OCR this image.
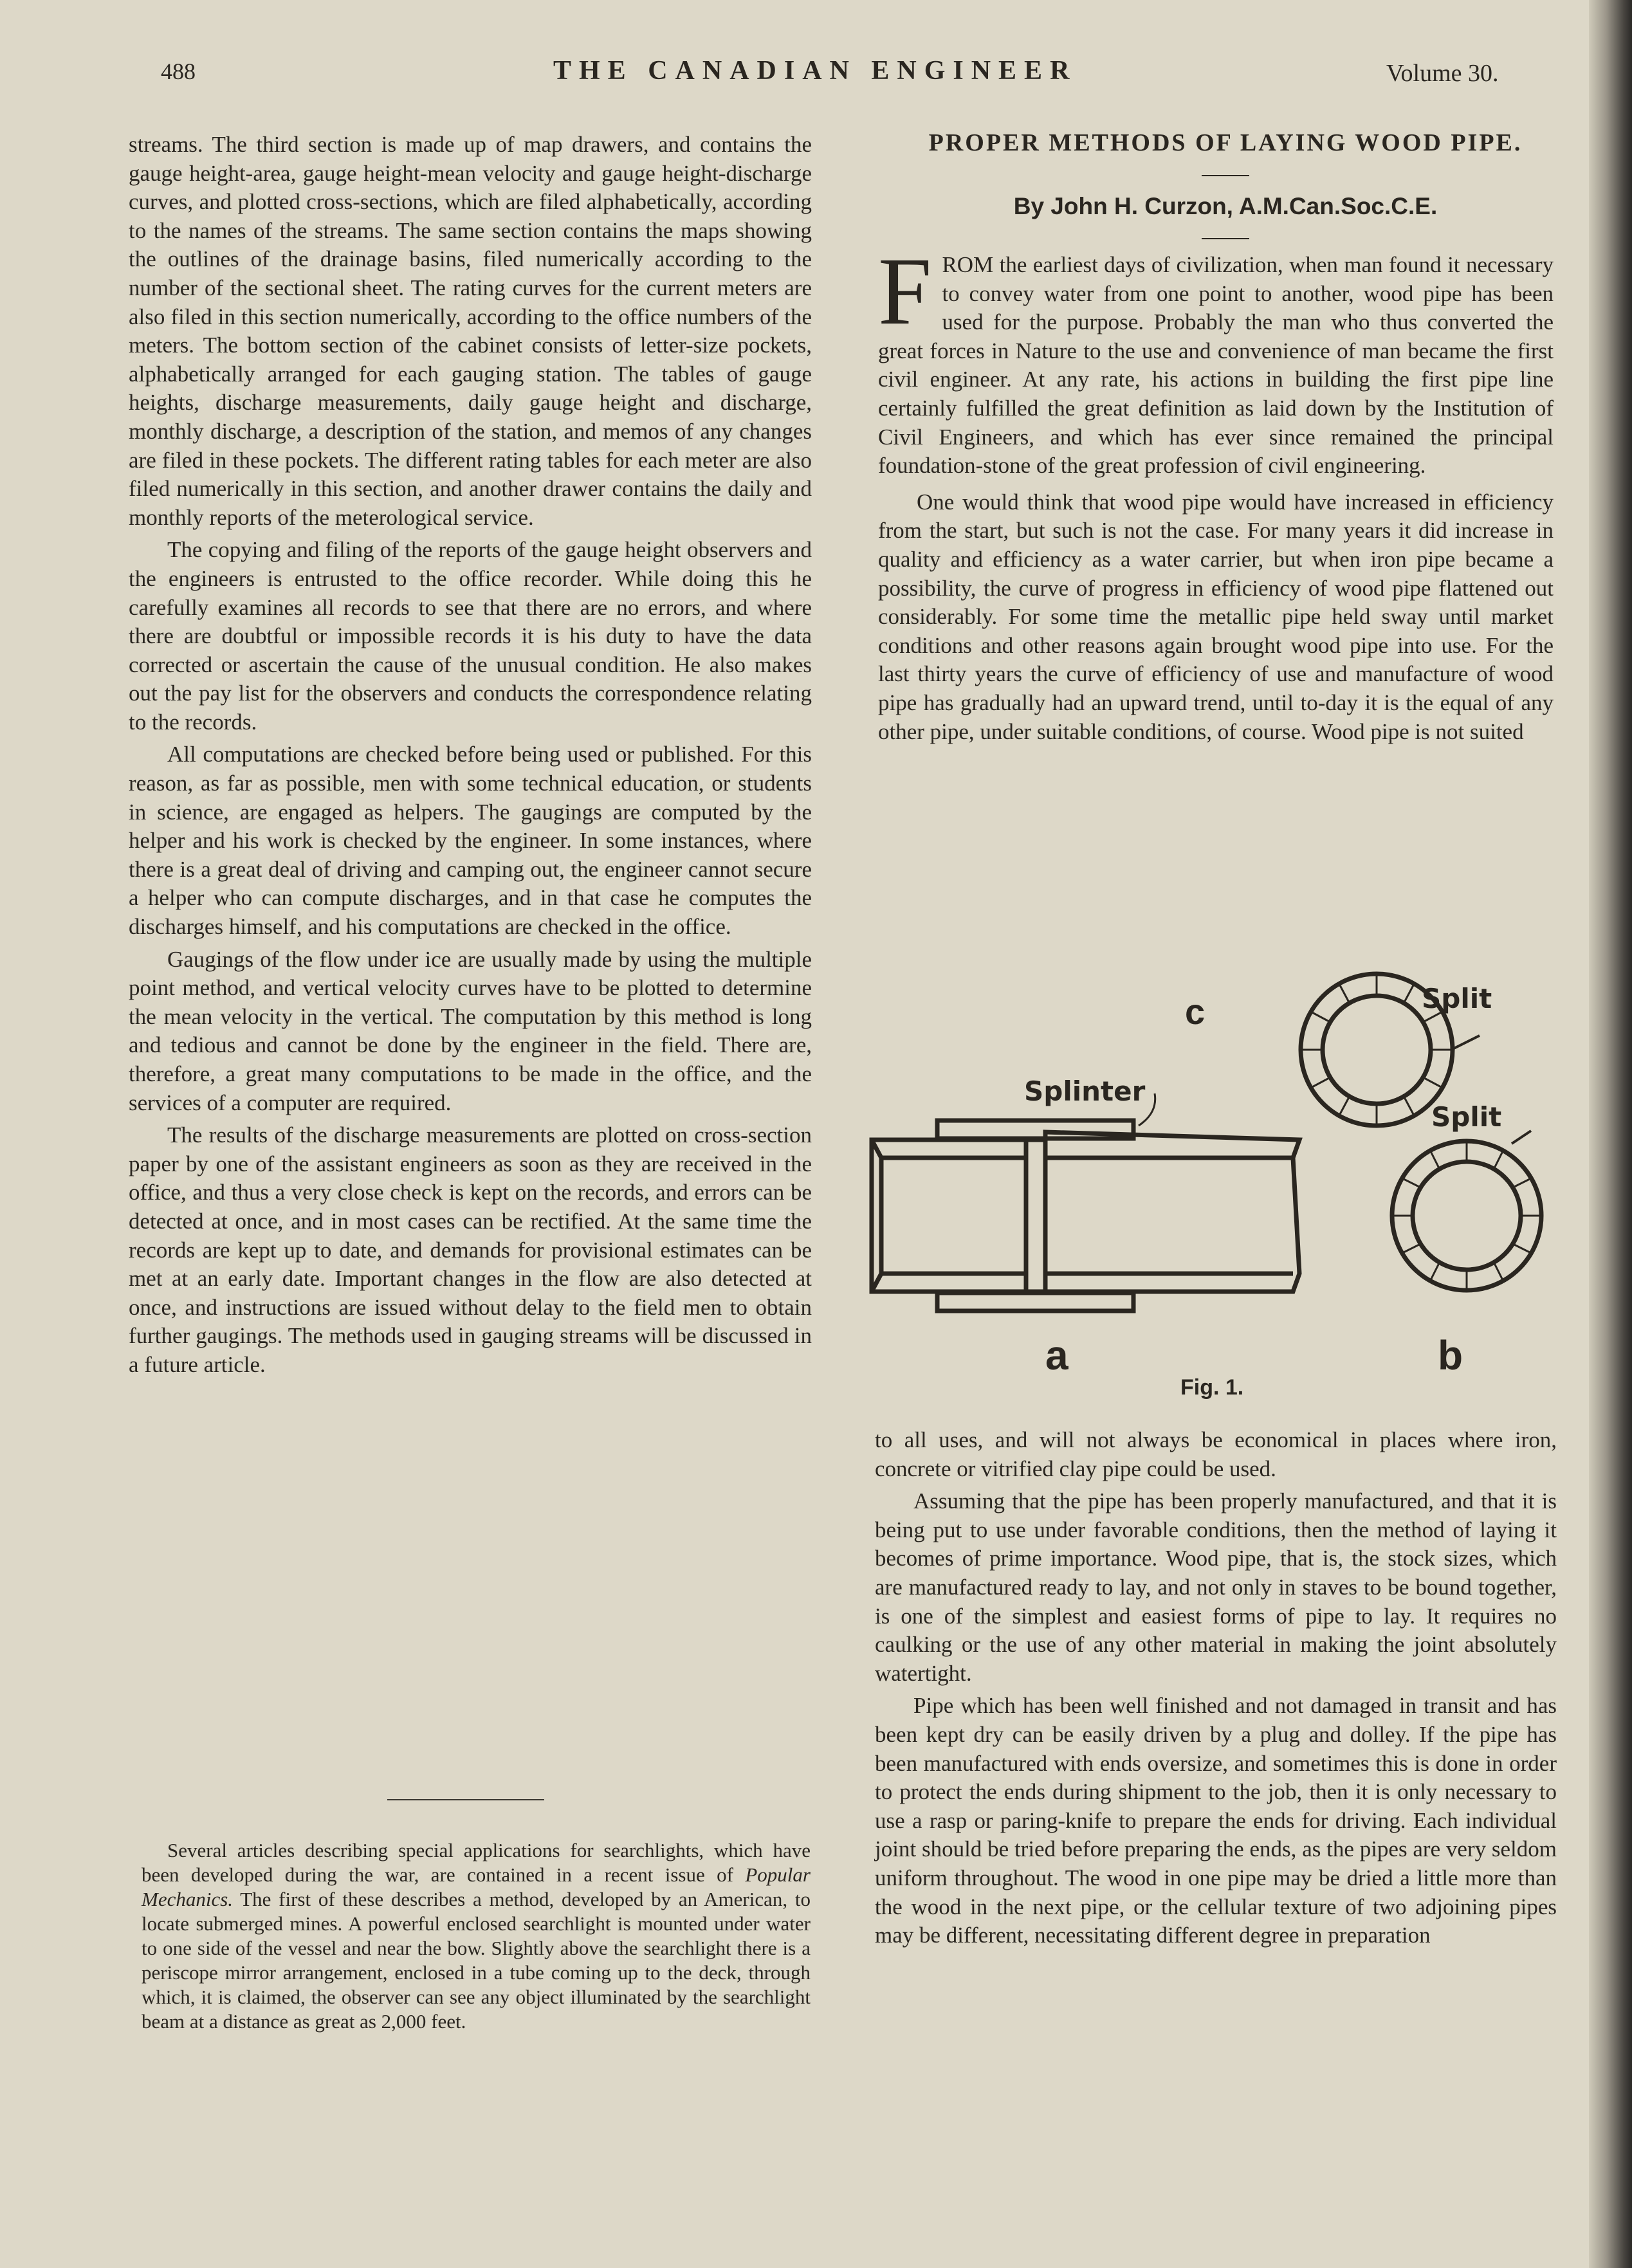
488	THE CANADIAN ENGINEER	Volume 30.

streams. The third section is made up of map drawers, and contains the gauge height-area, gauge height-mean velocity and gauge height-discharge curves, and plotted cross-sections, which are filed alphabetically, according to the names of the streams. The same section contains the maps showing the outlines of the drainage basins, filed numerically according to the number of the sectional sheet. The rating curves for the current meters are also filed in this section numerically, according to the office numbers of the meters. The bottom section of the cabinet consists of letter-size pockets, alphabetically arranged for each gauging station. The tables of gauge heights, discharge measurements, daily gauge height and discharge, monthly discharge, a description of the station, and memos of any changes are filed in these pockets. The different rating tables for each meter are also filed numerically in this section, and another drawer contains the daily and monthly reports of the meterological service.

The copying and filing of the reports of the gauge height observers and the engineers is entrusted to the office recorder. While doing this he carefully examines all records to see that there are no errors, and where there are doubtful or impossible records it is his duty to have the data corrected or ascertain the cause of the unusual condition. He also makes out the pay list for the observers and conducts the correspondence relating to the records.

All computations are checked before being used or published. For this reason, as far as possible, men with some technical education, or students in science, are engaged as helpers. The gaugings are computed by the helper and his work is checked by the engineer. In some instances, where there is a great deal of driving and camping out, the engineer cannot secure a helper who can compute discharges, and in that case he computes the discharges himself, and his computations are checked in the office.

Gaugings of the flow under ice are usually made by using the multiple point method, and vertical velocity curves have to be plotted to determine the mean velocity in the vertical. The computation by this method is long and tedious and cannot be done by the engineer in the field. There are, therefore, a great many computations to be made in the office, and the services of a computer are required.

The results of the discharge measurements are plotted on cross-section paper by one of the assistant engineers as soon as they are received in the office, and thus a very close check is kept on the records, and errors can be detected at once, and in most cases can be rectified. At the same time the records are kept up to date, and demands for provisional estimates can be met at an early date. Important changes in the flow are also detected at once, and instructions are issued without delay to the field men to obtain further gaugings. The methods used in gauging streams will be discussed in a future article.

Several articles describing special applications for searchlights, which have been developed during the war, are contained in a recent issue of Popular Mechanics. The first of these describes a method, developed by an American, to locate submerged mines. A powerful enclosed searchlight is mounted under water to one side of the vessel and near the bow. Slightly above the searchlight there is a periscope mirror arrangement, enclosed in a tube coming up to the deck, through which, it is claimed, the observer can see any object illuminated by the searchlight beam at a distance as great as 2,000 feet.

PROPER METHODS OF LAYING WOOD PIPE.
By John H. Curzon, A.M.Can.Soc.C.E.

FROM the earliest days of civilization, when man found it necessary to convey water from one point to another, wood pipe has been used for the purpose. Probably the man who thus converted the great forces in Nature to the use and convenience of man became the first civil engineer. At any rate, his actions in building the first pipe line certainly fulfilled the great definition as laid down by the Institution of Civil Engineers, and which has ever since remained the principal foundation-stone of the great profession of civil engineering.

One would think that wood pipe would have increased in efficiency from the start, but such is not the case. For many years it did increase in quality and efficiency as a water carrier, but when iron pipe became a possibility, the curve of progress in efficiency of wood pipe flattened out considerably. For some time the metallic pipe held sway until market conditions and other reasons again brought wood pipe into use. For the last thirty years the curve of efficiency of use and manufacture of wood pipe has gradually had an upward trend, until to-day it is the equal of any other pipe, under suitable conditions, of course. Wood pipe is not suited

Split
Split
Splinter
c
a	b
Fig. 1.

to all uses, and will not always be economical in places where iron, concrete or vitrified clay pipe could be used.

Assuming that the pipe has been properly manufactured, and that it is being put to use under favorable conditions, then the method of laying it becomes of prime importance. Wood pipe, that is, the stock sizes, which are manufactured ready to lay, and not only in staves to be bound together, is one of the simplest and easiest forms of pipe to lay. It requires no caulking or the use of any other material in making the joint absolutely watertight.

Pipe which has been well finished and not damaged in transit and has been kept dry can be easily driven by a plug and dolley. If the pipe has been manufactured with ends oversize, and sometimes this is done in order to protect the ends during shipment to the job, then it is only necessary to use a rasp or paring-knife to prepare the ends for driving. Each individual joint should be tried before preparing the ends, as the pipes are very seldom uniform throughout. The wood in one pipe may be dried a little more than the wood in the next pipe, or the cellular texture of two adjoining pipes may be different, necessitating different degree in preparation
